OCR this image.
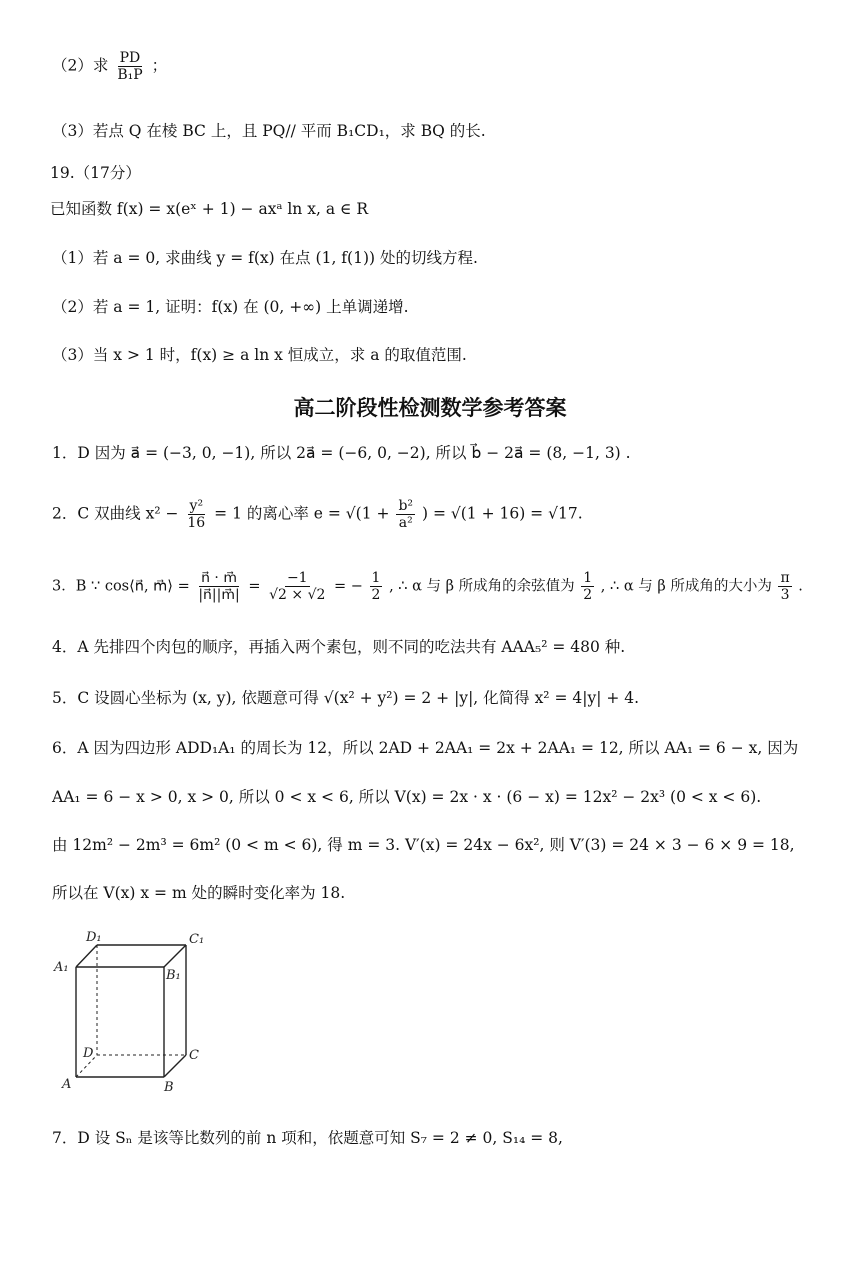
（2）求 $\frac{PD}{\text{B₁P}}$ ；
（3）若点 Q 在棱 BC 上，且 PQ// 平而 B₁CD₁，求 BQ 的长.
19.（17分）
已知函数 f(x) = x(eˣ + 1) − axᵃ ln x, a ∈ R
（1）若 a = 0, 求曲线 y = f(x) 在点 (1, f(1)) 处的切线方程.
（2）若 a = 1, 证明：f(x) 在 (0, +∞) 上单调递增.
（3）当 x > 1 时，f(x) ≥ a ln x 恒成立，求 a 的取值范围.
高二阶段性检测数学参考答案
1．D 因为 a⃗ = (−3, 0, −1), 所以 2a⃗ = (−6, 0, −2), 所以 b⃗ − 2a⃗ = (8, −1, 3) .
2．C 双曲线 $x^2 - \frac{\text{y²}}{16} = 1$ 的离心率 $e = √(1 + \frac{\text{b²}}{\text{a²}}$ ) = √(1 + 16) = √17.
3．B ∵ cos⟨n⃗, m⃗⟩ = $\frac{n⃗ \cdot m⃗}{|n⃗||m⃗|} = \frac{-1}{√2 \times √2}$ = − $\frac{1}{2}$ , ∴ α 与 β 所成角的余弦值为 $\frac{1}{2}$ , ∴ α 与 β 所成角的大小为 $\frac{\pi}{3}$ .
4．A 先排四个肉包的顺序，再插入两个素包，则不同的吃法共有 AAA₅² = 480 种.
5．C 设圆心坐标为 (x, y), 依题意可得 √(x² + y²) = 2 + |y|, 化简得 x² = 4|y| + 4.
6．A 因为四边形 ADD₁A₁ 的周长为 12，所以 2AD + 2AA₁ = 2x + 2AA₁ = 12, 所以 AA₁ = 6 − x, 因为
AA₁ = 6 − x > 0, x > 0, 所以 0 < x < 6, 所以 V(x) = 2x · x · (6 − x) = 12x² − 2x³ (0 < x < 6).
由 12m² − 2m³ = 6m² (0 < m < 6), 得 m = 3. V′(x) = 24x − 6x², 则 V′(3) = 24 × 3 − 6 × 9 = 18,
所以在 V(x) x = m 处的瞬时变化率为 18.
D₁	C₁
A₁
B₁
D	C
A	B
7．D 设 Sₙ 是该等比数列的前 n 项和，依题意可知 S₇ = 2 ≠ 0, S₁₄ = 8,
